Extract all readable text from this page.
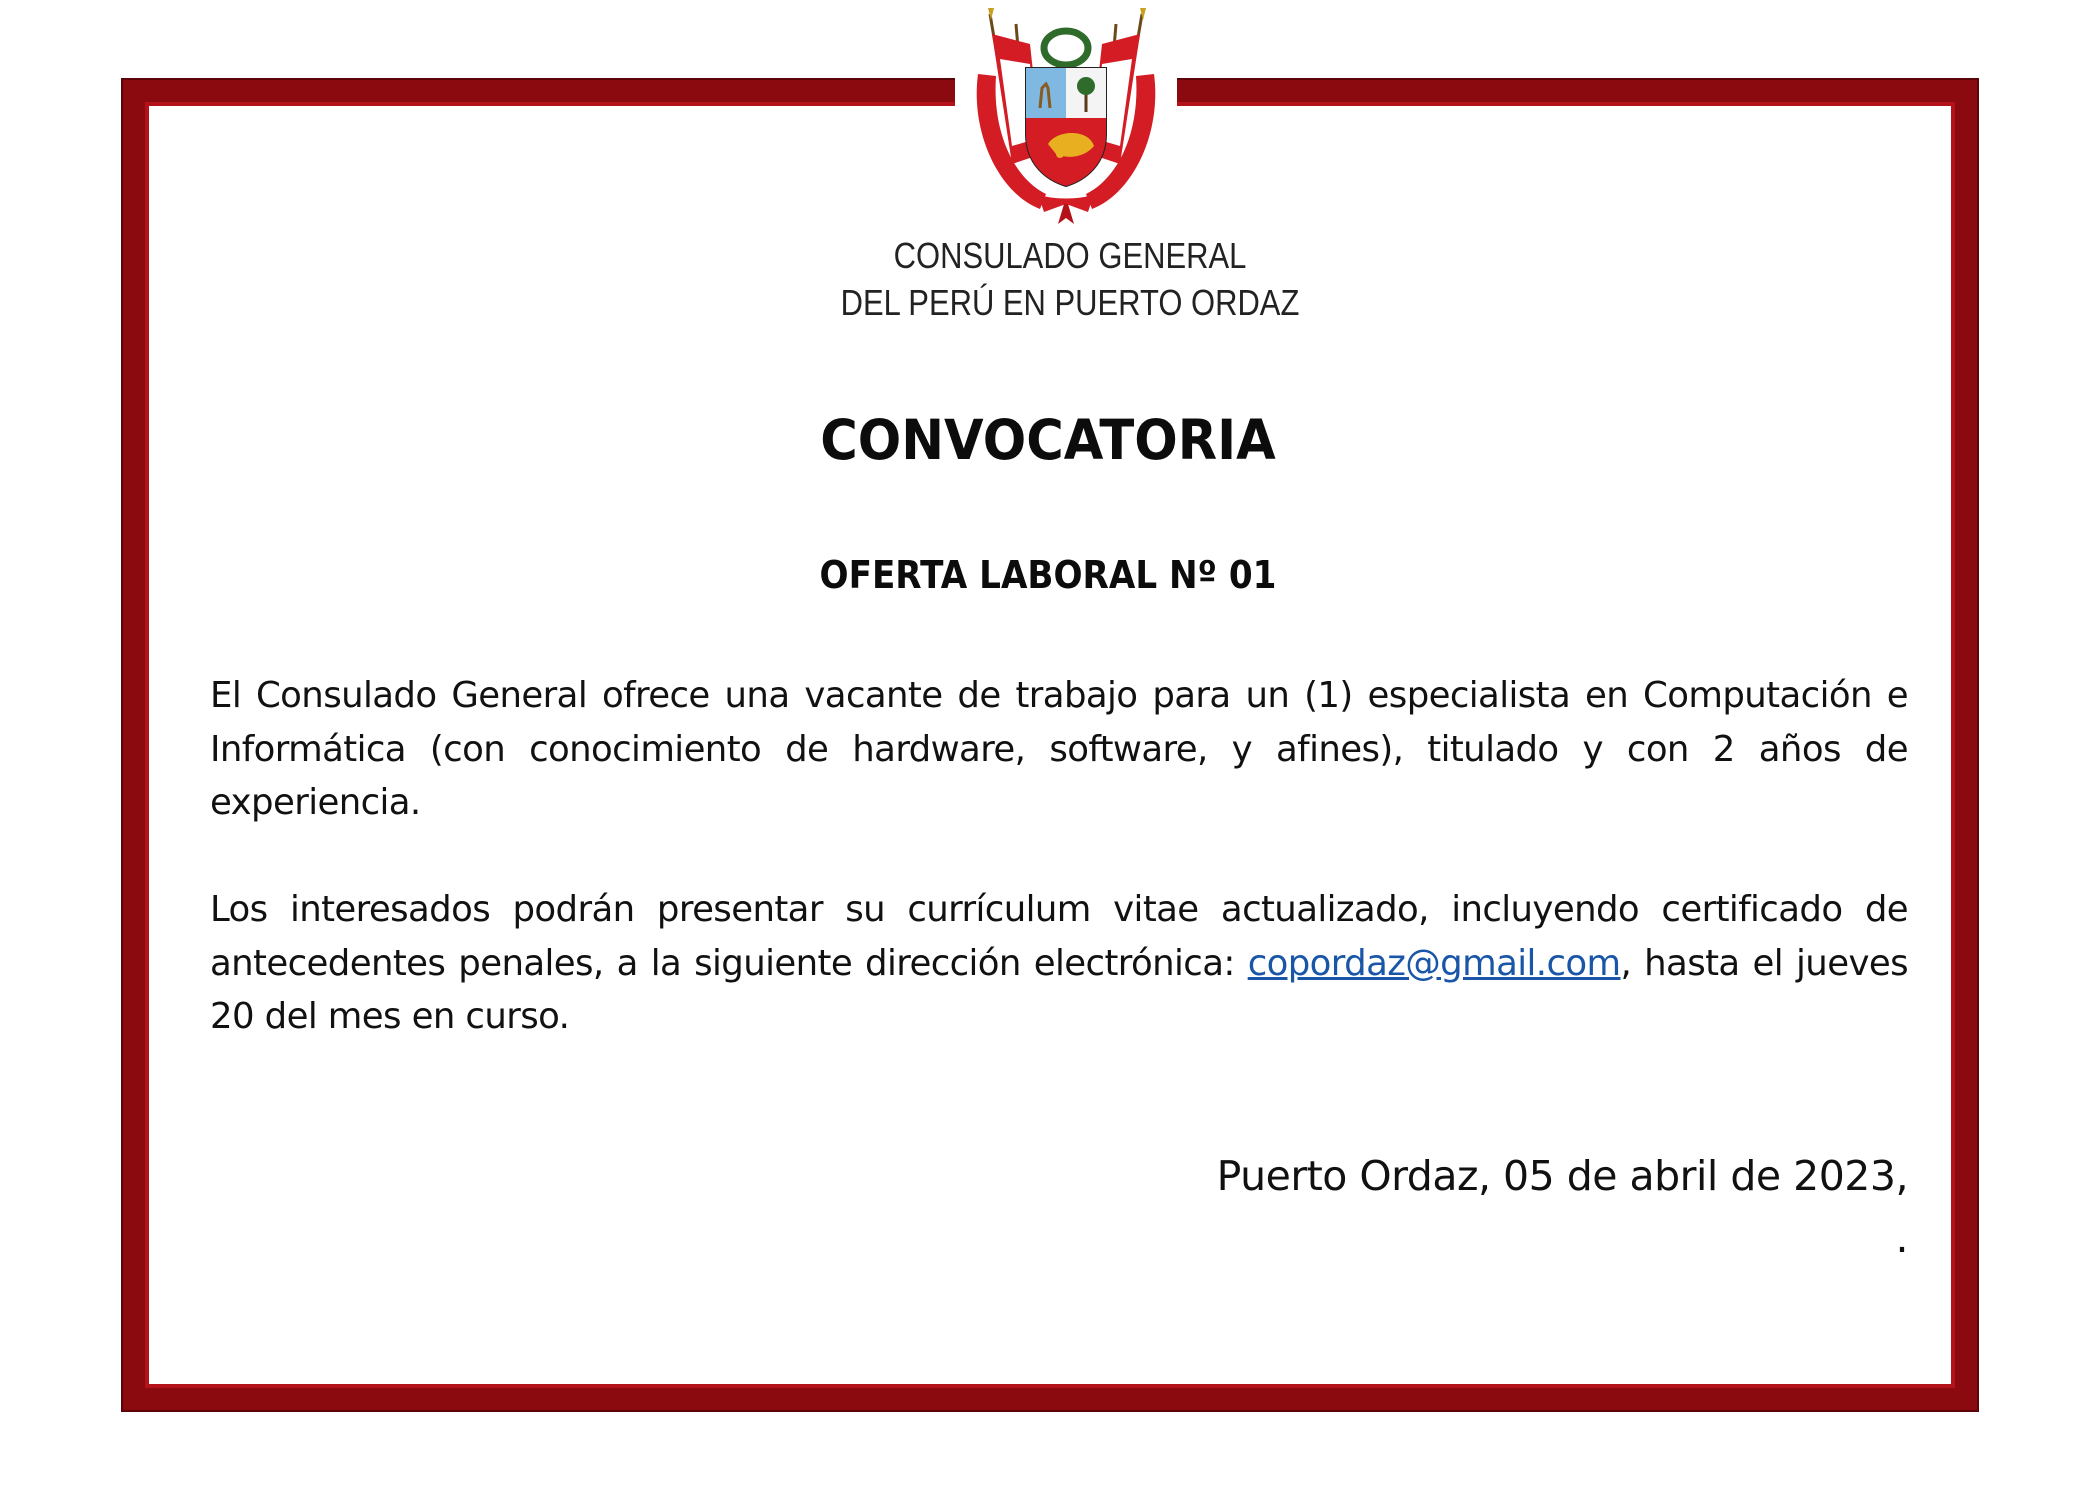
CONSULADO GENERAL
DEL PERÚ EN PUERTO ORDAZ
CONVOCATORIA
OFERTA LABORAL Nº 01
El Consulado General ofrece una vacante de trabajo para un (1) especialista en Computación e Informática (con conocimiento de hardware, software, y afines), titulado y con 2 años de experiencia.
Los interesados podrán presentar su currículum vitae actualizado, incluyendo certificado de antecedentes penales, a la siguiente dirección electrónica: copordaz@gmail.com, hasta el jueves 20 del mes en curso.
Puerto Ordaz, 05 de abril de 2023,
.
